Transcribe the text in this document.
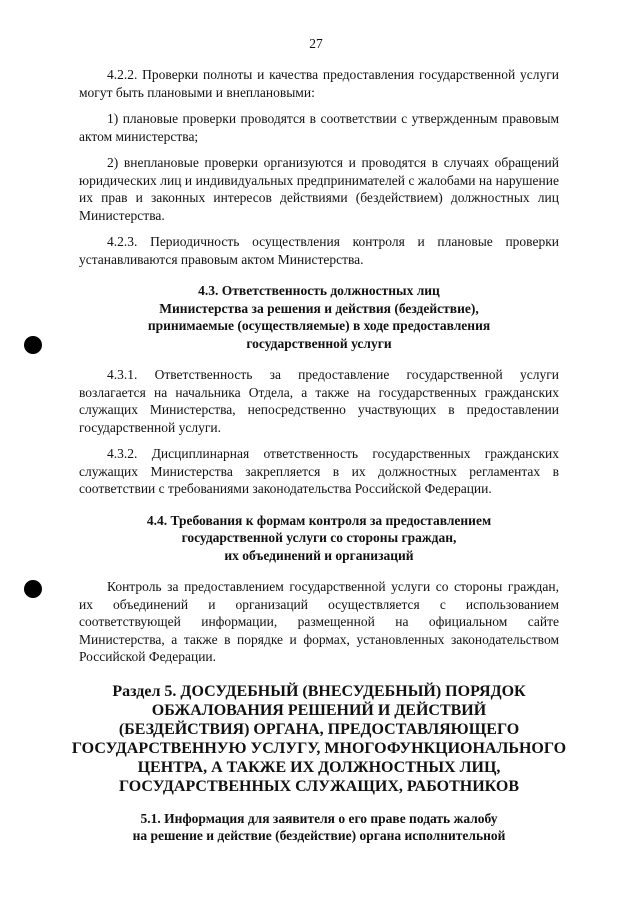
27

4.2.2. Проверки полноты и качества предоставления государственной услуги могут быть плановыми и внеплановыми:

1) плановые проверки проводятся в соответствии с утвержденным правовым актом министерства;

2) внеплановые проверки организуются и проводятся в случаях обращений юридических лиц и индивидуальных предпринимателей с жалобами на нарушение их прав и законных интересов действиями (бездействием) должностных лиц Министерства.

4.2.3. Периодичность осуществления контроля и плановые проверки устанавливаются правовым актом Министерства.

4.3. Ответственность должностных лиц
Министерства за решения и действия (бездействие),
принимаемые (осуществляемые) в ходе предоставления
государственной услуги

4.3.1. Ответственность за предоставление государственной услуги возлагается на начальника Отдела, а также на государственных гражданских служащих Министерства, непосредственно участвующих в предоставлении государственной услуги.

4.3.2. Дисциплинарная ответственность государственных гражданских служащих Министерства закрепляется в их должностных регламентах в соответствии с требованиями законодательства Российской Федерации.

4.4. Требования к формам контроля за предоставлением
государственной услуги со стороны граждан,
их объединений и организаций

Контроль за предоставлением государственной услуги со стороны граждан, их объединений и организаций осуществляется с использованием соответствующей информации, размещенной на официальном сайте Министерства, а также в порядке и формах, установленных законодательством Российской Федерации.

Раздел 5. ДОСУДЕБНЫЙ (ВНЕСУДЕБНЫЙ) ПОРЯДОК
ОБЖАЛОВАНИЯ РЕШЕНИЙ И ДЕЙСТВИЙ
(БЕЗДЕЙСТВИЯ) ОРГАНА, ПРЕДОСТАВЛЯЮЩЕГО
ГОСУДАРСТВЕННУЮ УСЛУГУ, МНОГОФУНКЦИОНАЛЬНОГО
ЦЕНТРА, А ТАКЖЕ ИХ ДОЛЖНОСТНЫХ ЛИЦ,
ГОСУДАРСТВЕННЫХ СЛУЖАЩИХ, РАБОТНИКОВ
5.1. Информация для заявителя о его праве подать жалобу
на решение и действие (бездействие) органа исполнительной
